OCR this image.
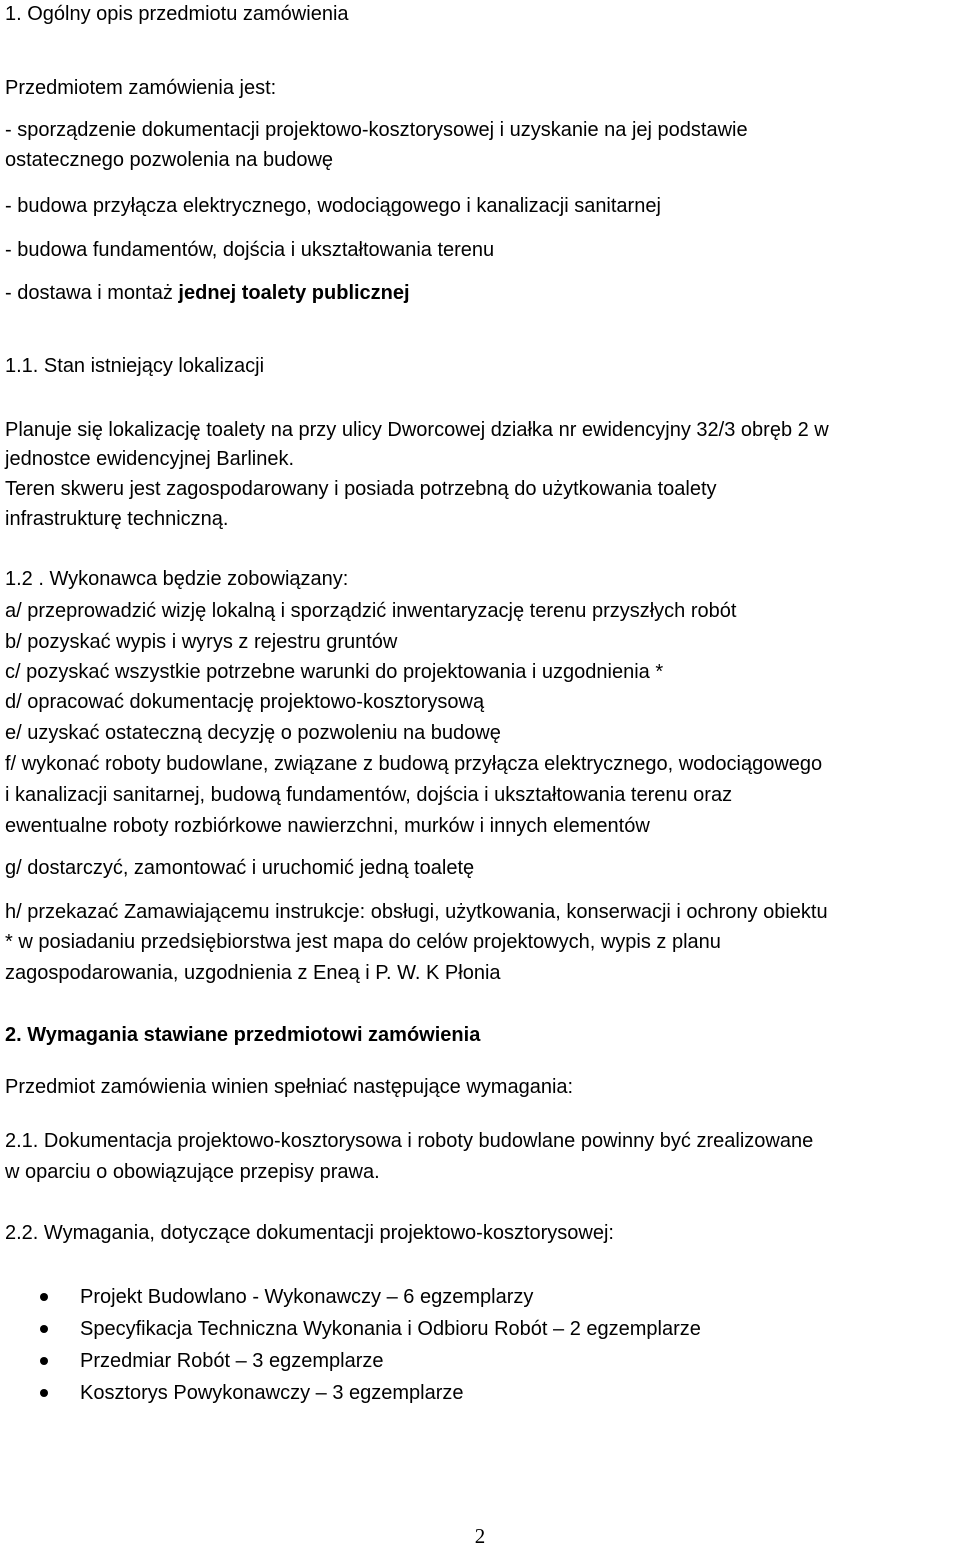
1. Ogólny opis przedmiotu zamówienia
Przedmiotem zamówienia jest:
- sporządzenie dokumentacji projektowo-kosztorysowej i uzyskanie na jej podstawie
ostatecznego pozwolenia na budowę
- budowa przyłącza elektrycznego, wodociągowego i kanalizacji sanitarnej
- budowa fundamentów, dojścia i ukształtowania terenu
- dostawa i montaż jednej toalety publicznej
1.1. Stan istniejący lokalizacji
Planuje się lokalizację toalety na przy ulicy Dworcowej działka nr ewidencyjny 32/3 obręb 2 w
jednostce ewidencyjnej Barlinek.
Teren skweru jest zagospodarowany i posiada potrzebną do użytkowania toalety
infrastrukturę techniczną.
1.2 . Wykonawca będzie zobowiązany:
a/ przeprowadzić wizję lokalną i sporządzić inwentaryzację terenu przyszłych robót
b/ pozyskać wypis i wyrys z rejestru gruntów
c/ pozyskać wszystkie potrzebne warunki do projektowania i uzgodnienia *
d/ opracować dokumentację projektowo-kosztorysową
e/ uzyskać ostateczną decyzję o pozwoleniu na budowę
f/ wykonać roboty budowlane, związane z budową przyłącza elektrycznego, wodociągowego
i kanalizacji sanitarnej, budową fundamentów, dojścia i ukształtowania terenu oraz
ewentualne roboty rozbiórkowe nawierzchni, murków i innych elementów
g/ dostarczyć, zamontować i uruchomić jedną toaletę
h/ przekazać Zamawiającemu instrukcje: obsługi, użytkowania, konserwacji i ochrony obiektu
* w posiadaniu przedsiębiorstwa jest mapa do celów projektowych, wypis z planu
zagospodarowania, uzgodnienia z Eneą i P. W. K Płonia
2. Wymagania stawiane przedmiotowi zamówienia
Przedmiot zamówienia winien spełniać następujące wymagania:
2.1. Dokumentacja projektowo-kosztorysowa i roboty budowlane powinny być zrealizowane
w oparciu o obowiązujące przepisy prawa.
2.2. Wymagania, dotyczące dokumentacji projektowo-kosztorysowej:
Projekt Budowlano - Wykonawczy – 6 egzemplarzy
Specyfikacja Techniczna Wykonania i Odbioru Robót – 2 egzemplarze
Przedmiar Robót – 3 egzemplarze
Kosztorys Powykonawczy – 3 egzemplarze
2
